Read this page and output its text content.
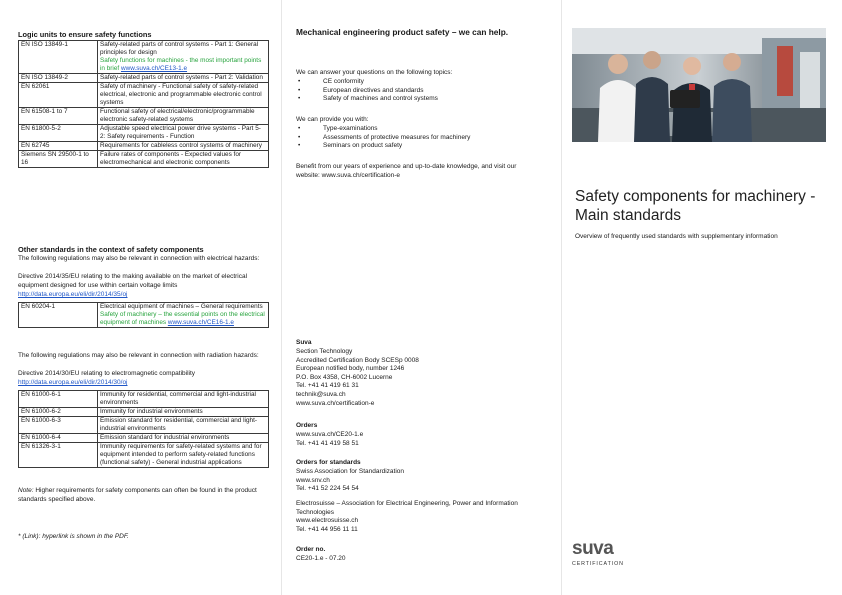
Logic units to ensure safety functions
EN ISO 13849-1	Safety-related parts of control systems - Part 1: General principles for design
Safety functions for machines - the most important points in brief www.suva.ch/CE13-1.e
EN ISO 13849-2	Safety-related parts of control systems - Part 2: Validation
EN 62061	Safety of machinery - Functional safety of safety-related electrical, electronic and programmable electronic control systems
EN 61508-1 to 7	Functional safety of electrical/electronic/programmable electronic safety-related systems
EN 61800-5-2	Adjustable speed electrical power drive systems - Part 5-2: Safety requirements - Function
EN 62745	Requirements for cableless control systems of machinery
Siemens SN 29500-1 to 16	Failure rates of components - Expected values for electromechanical and electronic components
Other standards in the context of safety components
The following regulations may also be relevant in connection with electrical hazards:
Directive 2014/35/EU relating to the making available on the market of electrical equipment designed for use within certain voltage limits
http://data.europa.eu/eli/dir/2014/35/oj
EN 60204-1	Electrical equipment of machines – General requirements
Safety of machinery – the essential points on the electrical equipment of machines www.suva.ch/CE16-1.e
The following regulations may also be relevant in connection with radiation hazards:
Directive 2014/30/EU relating to electromagnetic compatibility
http://data.europa.eu/eli/dir/2014/30/oj
EN 61000-6-1	Immunity for residential, commercial and light-industrial environments
EN 61000-6-2	Immunity for industrial environments
EN 61000-6-3	Emission standard for residential, commercial and light-industrial environments
EN 61000-6-4	Emission standard for industrial environments
EN 61326-3-1	Immunity requirements for safety-related systems and for equipment intended to perform safety-related functions (functional safety) - General industrial applications
Note: Higher requirements for safety components can often be found in the product standards specified above.
* (Link): hyperlink is shown in the PDF.
Mechanical engineering product safety – we can help.
We can answer your questions on the following topics:
• CE conformity
• European directives and standards
• Safety of machines and control systems
We can provide you with:
• Type-examinations
• Assessments of protective measures for machinery
• Seminars on product safety
Benefit from our years of experience and up-to-date knowledge, and visit our website: www.suva.ch/certification-e
Suva
Section Technology
Accredited Certification Body SCESp 0008
European notified body, number 1246
P.O. Box 4358, CH-6002 Lucerne
Tel. +41 41 419 61 31
technik@suva.ch
www.suva.ch/certification-e
Orders
www.suva.ch/CE20-1.e
Tel. +41 41 419 58 51
Orders for standards
Swiss Association for Standardization
www.snv.ch
Tel. +41 52 224 54 54
Electrosuisse – Association for Electrical Engineering, Power and Information Technologies
www.electrosuisse.ch
Tel. +41 44 956 11 11
Order no.
CE20-1.e - 07.20
Safety components for machinery -
Main standards
Overview of frequently used standards with supplementary information
suva
CERTIFICATION
